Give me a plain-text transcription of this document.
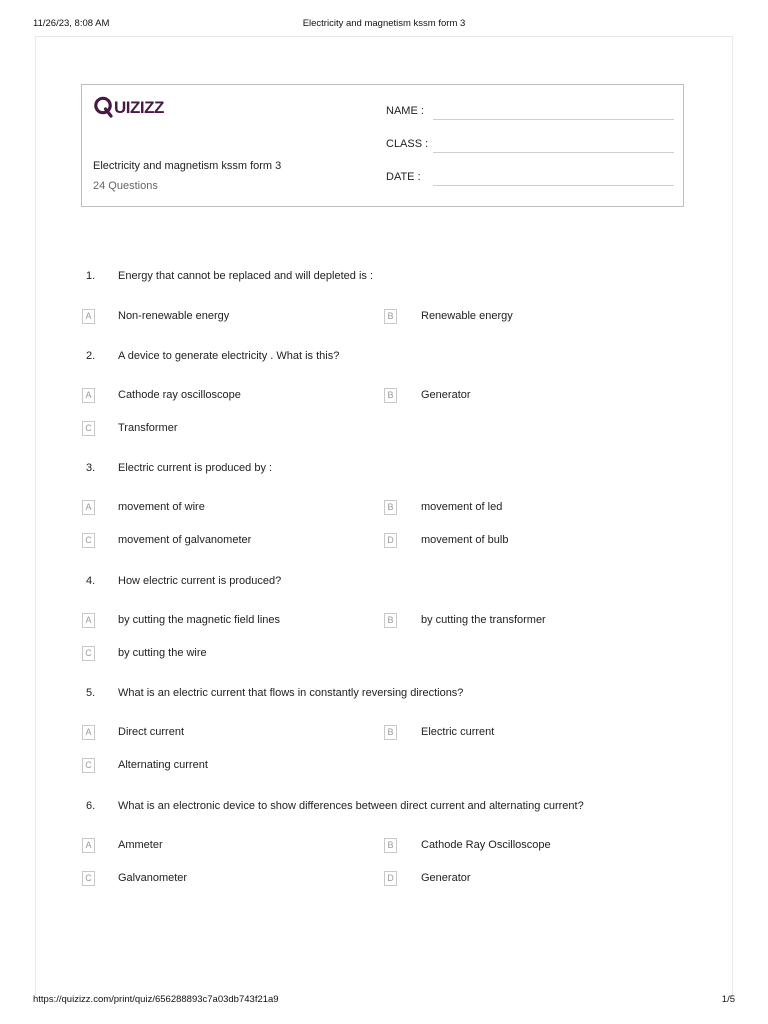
11/26/23, 8:08 AM	Electricity and magnetism kssm form 3
UIZIZZ
Electricity and magnetism kssm form 3
24 Questions
NAME :
CLASS :
DATE :
1. Energy that cannot be replaced and will depleted is :
A	Non-renewable energy	B	Renewable energy
2. A device to generate electricity . What is this?
A	Cathode ray oscilloscope	B	Generator
C Transformer
3. Electric current is produced by :
A	movement of wire	B	movement of led
C movement of galvanometer	D movement of bulb
4. How electric current is produced?
A	by cutting the magnetic field lines	B	by cutting the transformer
C by cutting the wire
5. What is an electric current that flows in constantly reversing directions?
A	Direct current	B	Electric current
C Alternating current
6. What is an electronic device to show differences between direct current and alternating current?
A	Ammeter	B	Cathode Ray Oscilloscope
C Galvanometer	D Generator
https://quizizz.com/print/quiz/656288893c7a03db743f21a9	1/5
